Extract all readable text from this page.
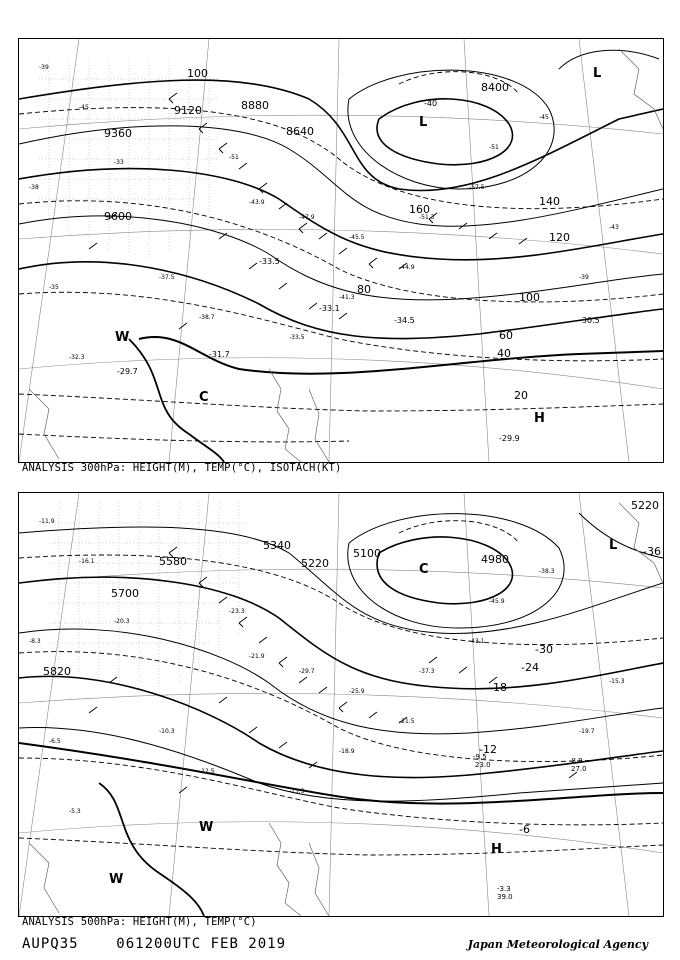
-39
-45
-33
-51
-43.9
-47.9
-45.5
-44.9
-51.3
-57.5
-51
-45
-39
-43
-37.5
-38.7
-32.3
-41.3
-38
-35
-33.5
100
9120	8880
9360	8640
8400
9600
160
140
120
100
80
60
40
20
-40
-33.5
-29.7
-31.7
-33.1
-34.5	-30.5
-29.9
L
L
W
C
H
ANALYSIS 300hPa: HEIGHT(M), TEMP(°C), ISOTACH(KT)
-11.9
-16.1
-20.3
-23.3
-21.9
-29.7
-25.9
-21.5
-37.3
-43.1
-45.9
-38.3
-19.7
-15.3
-10.3
-12.5
-5.3
-18.9
-8.3
-6.5
-13.3
5580
5340
5220
5100	4980
5220
5700
5820
-36
-30
-24
-18
-12
-6
-8.9
27.0
-3.3
39.0
-9.5
23.0
L
C
W
W
H
ANALYSIS 500hPa: HEIGHT(M), TEMP(°C)
AUPQ35	061200UTC FEB 2019	Japan Meteorological Agency
